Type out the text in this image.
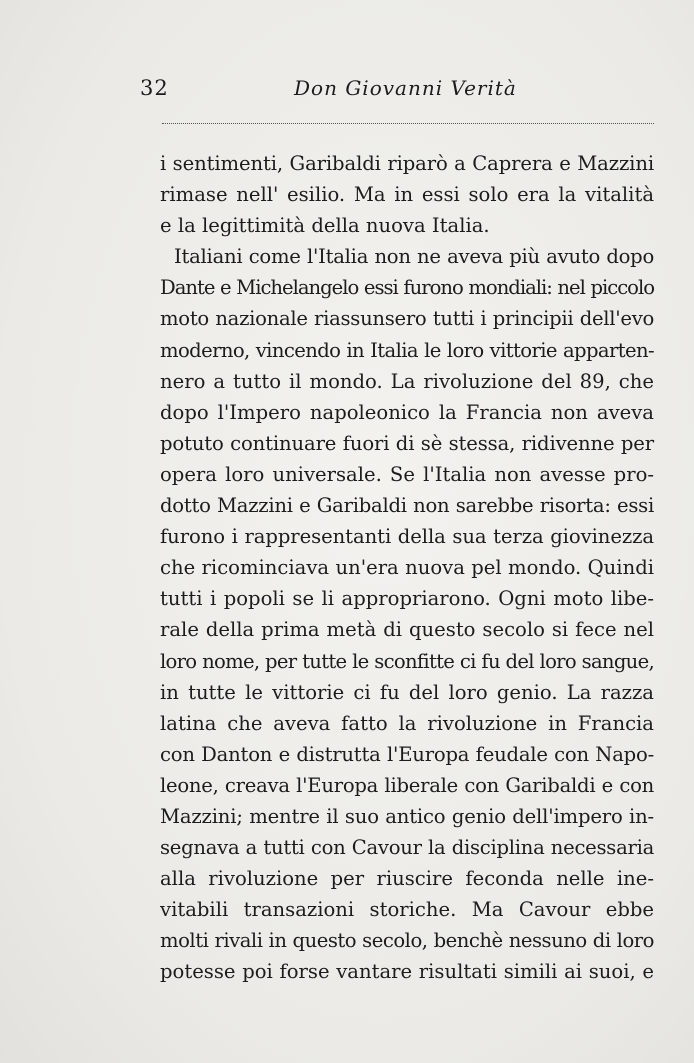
32	Don Giovanni Verità
i sentimenti, Garibaldi riparò a Caprera e Mazzini
rimase nell' esilio. Ma in essi solo era la vitalità
e la legittimità della nuova Italia.
Italiani come l'Italia non ne aveva più avuto dopo
Dante e Michelangelo essi furono mondiali: nel piccolo
moto nazionale riassunsero tutti i principii dell'evo
moderno, vincendo in Italia le loro vittorie apparten-
nero a tutto il mondo. La rivoluzione del 89, che
dopo l'Impero napoleonico la Francia non aveva
potuto continuare fuori di sè stessa, ridivenne per
opera loro universale. Se l'Italia non avesse pro-
dotto Mazzini e Garibaldi non sarebbe risorta: essi
furono i rappresentanti della sua terza giovinezza
che ricominciava un'era nuova pel mondo. Quindi
tutti i popoli se li appropriarono. Ogni moto libe-
rale della prima metà di questo secolo si fece nel
loro nome, per tutte le sconfitte ci fu del loro sangue,
in tutte le vittorie ci fu del loro genio. La razza
latina che aveva fatto la rivoluzione in Francia
con Danton e distrutta l'Europa feudale con Napo-
leone, creava l'Europa liberale con Garibaldi e con
Mazzini; mentre il suo antico genio dell'impero in-
segnava a tutti con Cavour la disciplina necessaria
alla rivoluzione per riuscire feconda nelle ine-
vitabili transazioni storiche. Ma Cavour ebbe
molti rivali in questo secolo, benchè nessuno di loro
potesse poi forse vantare risultati simili ai suoi, e
